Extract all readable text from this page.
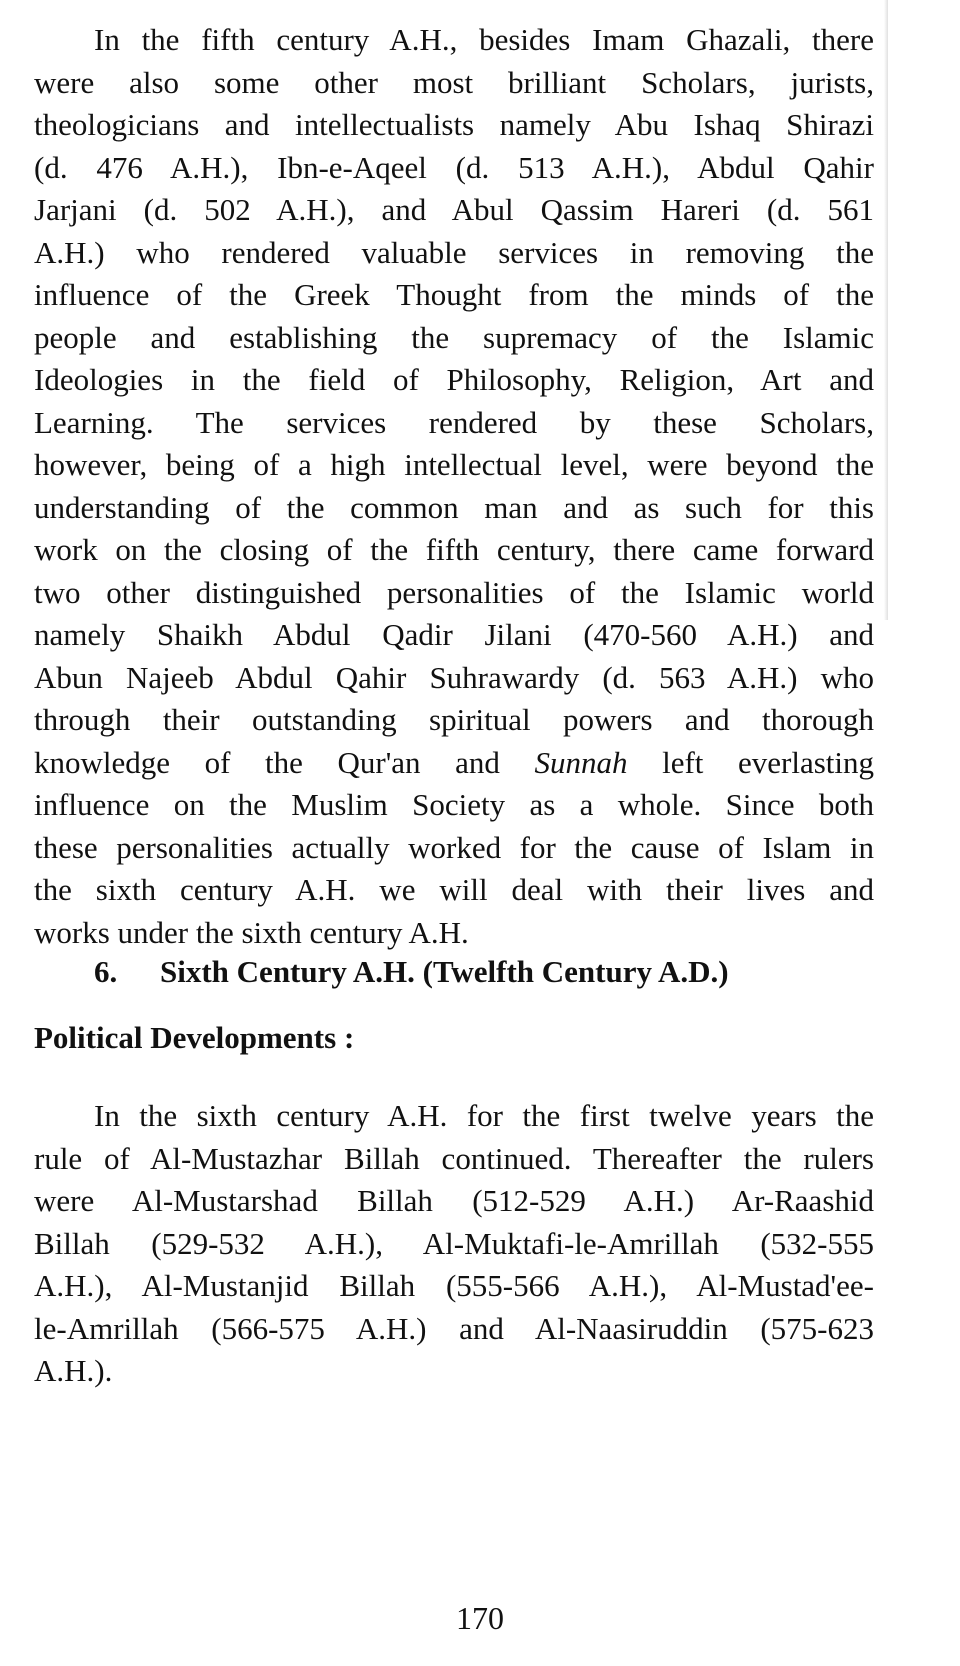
In the fifth century A.H., besides Imam Ghazali, there
were also some other most brilliant Scholars, jurists,
theologicians and intellectualists namely Abu Ishaq Shirazi
(d. 476 A.H.), Ibn-e-Aqeel (d. 513 A.H.), Abdul Qahir
Jarjani (d. 502 A.H.), and Abul Qassim Hareri (d. 561
A.H.) who rendered valuable services in removing the
influence of the Greek Thought from the minds of the
people and establishing the supremacy of the Islamic
Ideologies in the field of Philosophy, Religion, Art and
Learning. The services rendered by these Scholars,
however, being of a high intellectual level, were beyond the
understanding of the common man and as such for this
work on the closing of the fifth century, there came forward
two other distinguished personalities of the Islamic world
namely Shaikh Abdul Qadir Jilani (470-560 A.H.) and
Abun Najeeb Abdul Qahir Suhrawardy (d. 563 A.H.) who
through their outstanding spiritual powers and thorough
knowledge of the Qur'an and Sunnah left everlasting
influence on the Muslim Society as a whole. Since both
these personalities actually worked for the cause of Islam in
the sixth century A.H. we will deal with their lives and
works under the sixth century A.H.
6. Sixth Century A.H. (Twelfth Century A.D.)
Political Developments :
In the sixth century A.H. for the first twelve years the
rule of Al-Mustazhar Billah continued. Thereafter the rulers
were Al-Mustarshad Billah (512-529 A.H.) Ar-Raashid
Billah (529-532 A.H.), Al-Muktafi-le-Amrillah (532-555
A.H.), Al-Mustanjid Billah (555-566 A.H.), Al-Mustad'ee-
le-Amrillah (566-575 A.H.) and Al-Naasiruddin (575-623
A.H.).
170
